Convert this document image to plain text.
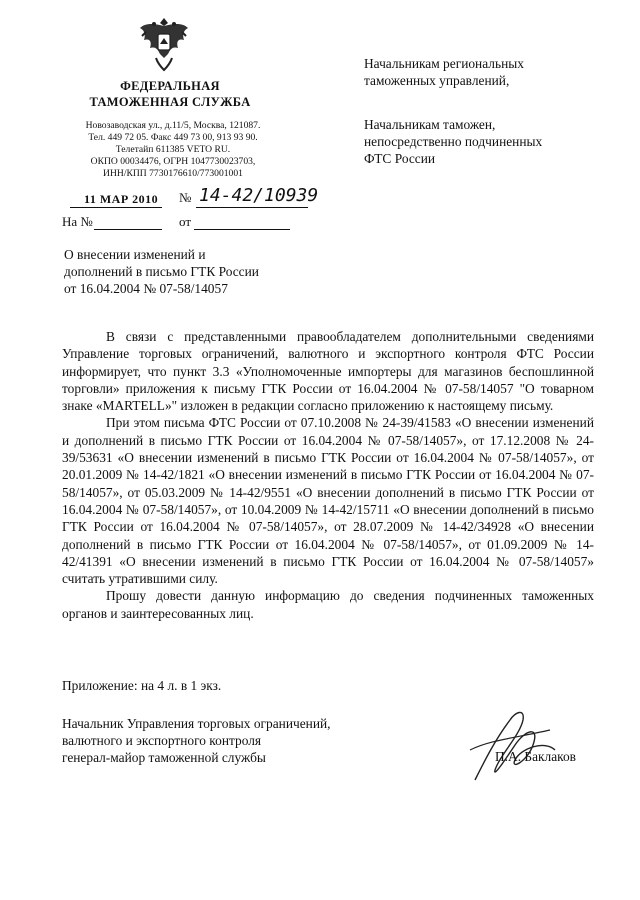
ФЕДЕРАЛЬНАЯ
ТАМОЖЕННАЯ СЛУЖБА
Новозаводская ул., д.11/5, Москва, 121087.
Тел. 449 72 05. Факс 449 73 00, 913 93 90.
Телетайп 611385 VETO RU.
ОКПО 00034476, ОГРН 1047730023703,
ИНН/КПП 7730176610/773001001
11 МАР 2010 № 14-42/10939
На №	от
Начальникам региональных
таможенных управлений,
Начальникам таможен,
непосредственно подчиненных
ФТС России
О внесении изменений и
дополнений в письмо ГТК России
от 16.04.2004 № 07-58/14057

В связи с представленными правообладателем дополнительными сведениями Управление торговых ограничений, валютного и экспортного контроля ФТС России информирует, что пункт 3.3 «Уполномоченные импортеры для магазинов беспошлинной торговли» приложения к письму ГТК России от 16.04.2004 № 07-58/14057 "О товарном знаке «MARTELL»" изложен в редакции согласно приложению к настоящему письму.

При этом письма ФТС России от 07.10.2008 № 24-39/41583 «О внесении изменений и дополнений в письмо ГТК России от 16.04.2004 № 07-58/14057», от 17.12.2008 № 24-39/53631 «О внесении изменений в письмо ГТК России от 16.04.2004 № 07-58/14057», от 20.01.2009 № 14-42/1821 «О внесении изменений в письмо ГТК России от 16.04.2004 № 07-58/14057», от 05.03.2009 № 14-42/9551 «О внесении дополнений в письмо ГТК России от 16.04.2004 № 07-58/14057», от 10.04.2009 № 14-42/15711 «О внесении дополнений в письмо ГТК России от 16.04.2004 № 07-58/14057», от 28.07.2009 № 14-42/34928 «О внесении дополнений в письмо ГТК России от 16.04.2004 № 07-58/14057», от 01.09.2009 № 14-42/41391 «О внесении изменений в письмо ГТК России от 16.04.2004 № 07-58/14057» считать утратившими силу.

Прошу довести данную информацию до сведения подчиненных таможенных органов и заинтересованных лиц.

Приложение: на 4 л. в 1 экз.
Начальник Управления торговых ограничений,
валютного и экспортного контроля
генерал-майор таможенной службы	П.А. Баклаков
